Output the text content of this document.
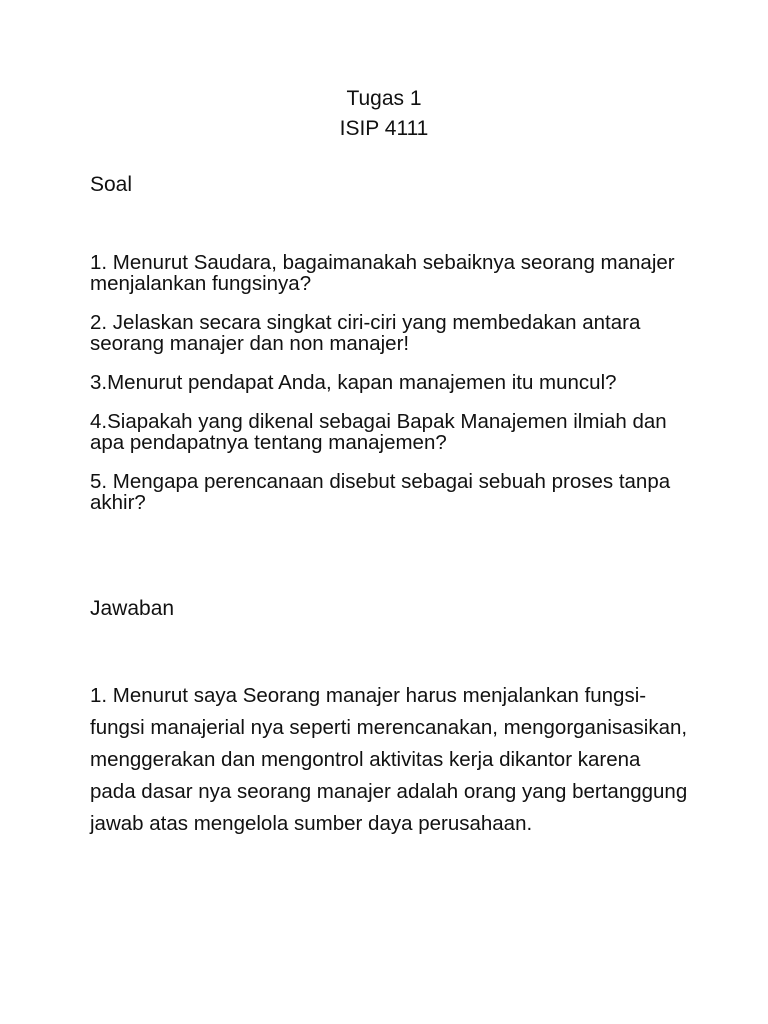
Tugas 1
ISIP 4111
Soal
1. Menurut Saudara, bagaimanakah sebaiknya seorang manajer menjalankan fungsinya?
2. Jelaskan secara singkat ciri-ciri yang membedakan antara seorang manajer dan non manajer!
3.Menurut pendapat Anda, kapan manajemen itu muncul?
4.Siapakah yang dikenal sebagai Bapak Manajemen ilmiah dan apa pendapatnya tentang manajemen?
5. Mengapa perencanaan disebut sebagai sebuah proses tanpa akhir?
Jawaban

1. Menurut saya Seorang manajer harus menjalankan fungsi-fungsi manajerial nya seperti merencanakan, mengorganisasikan, menggerakan dan mengontrol aktivitas kerja dikantor karena pada dasar nya seorang manajer adalah orang yang bertanggung jawab atas mengelola sumber daya perusahaan.
